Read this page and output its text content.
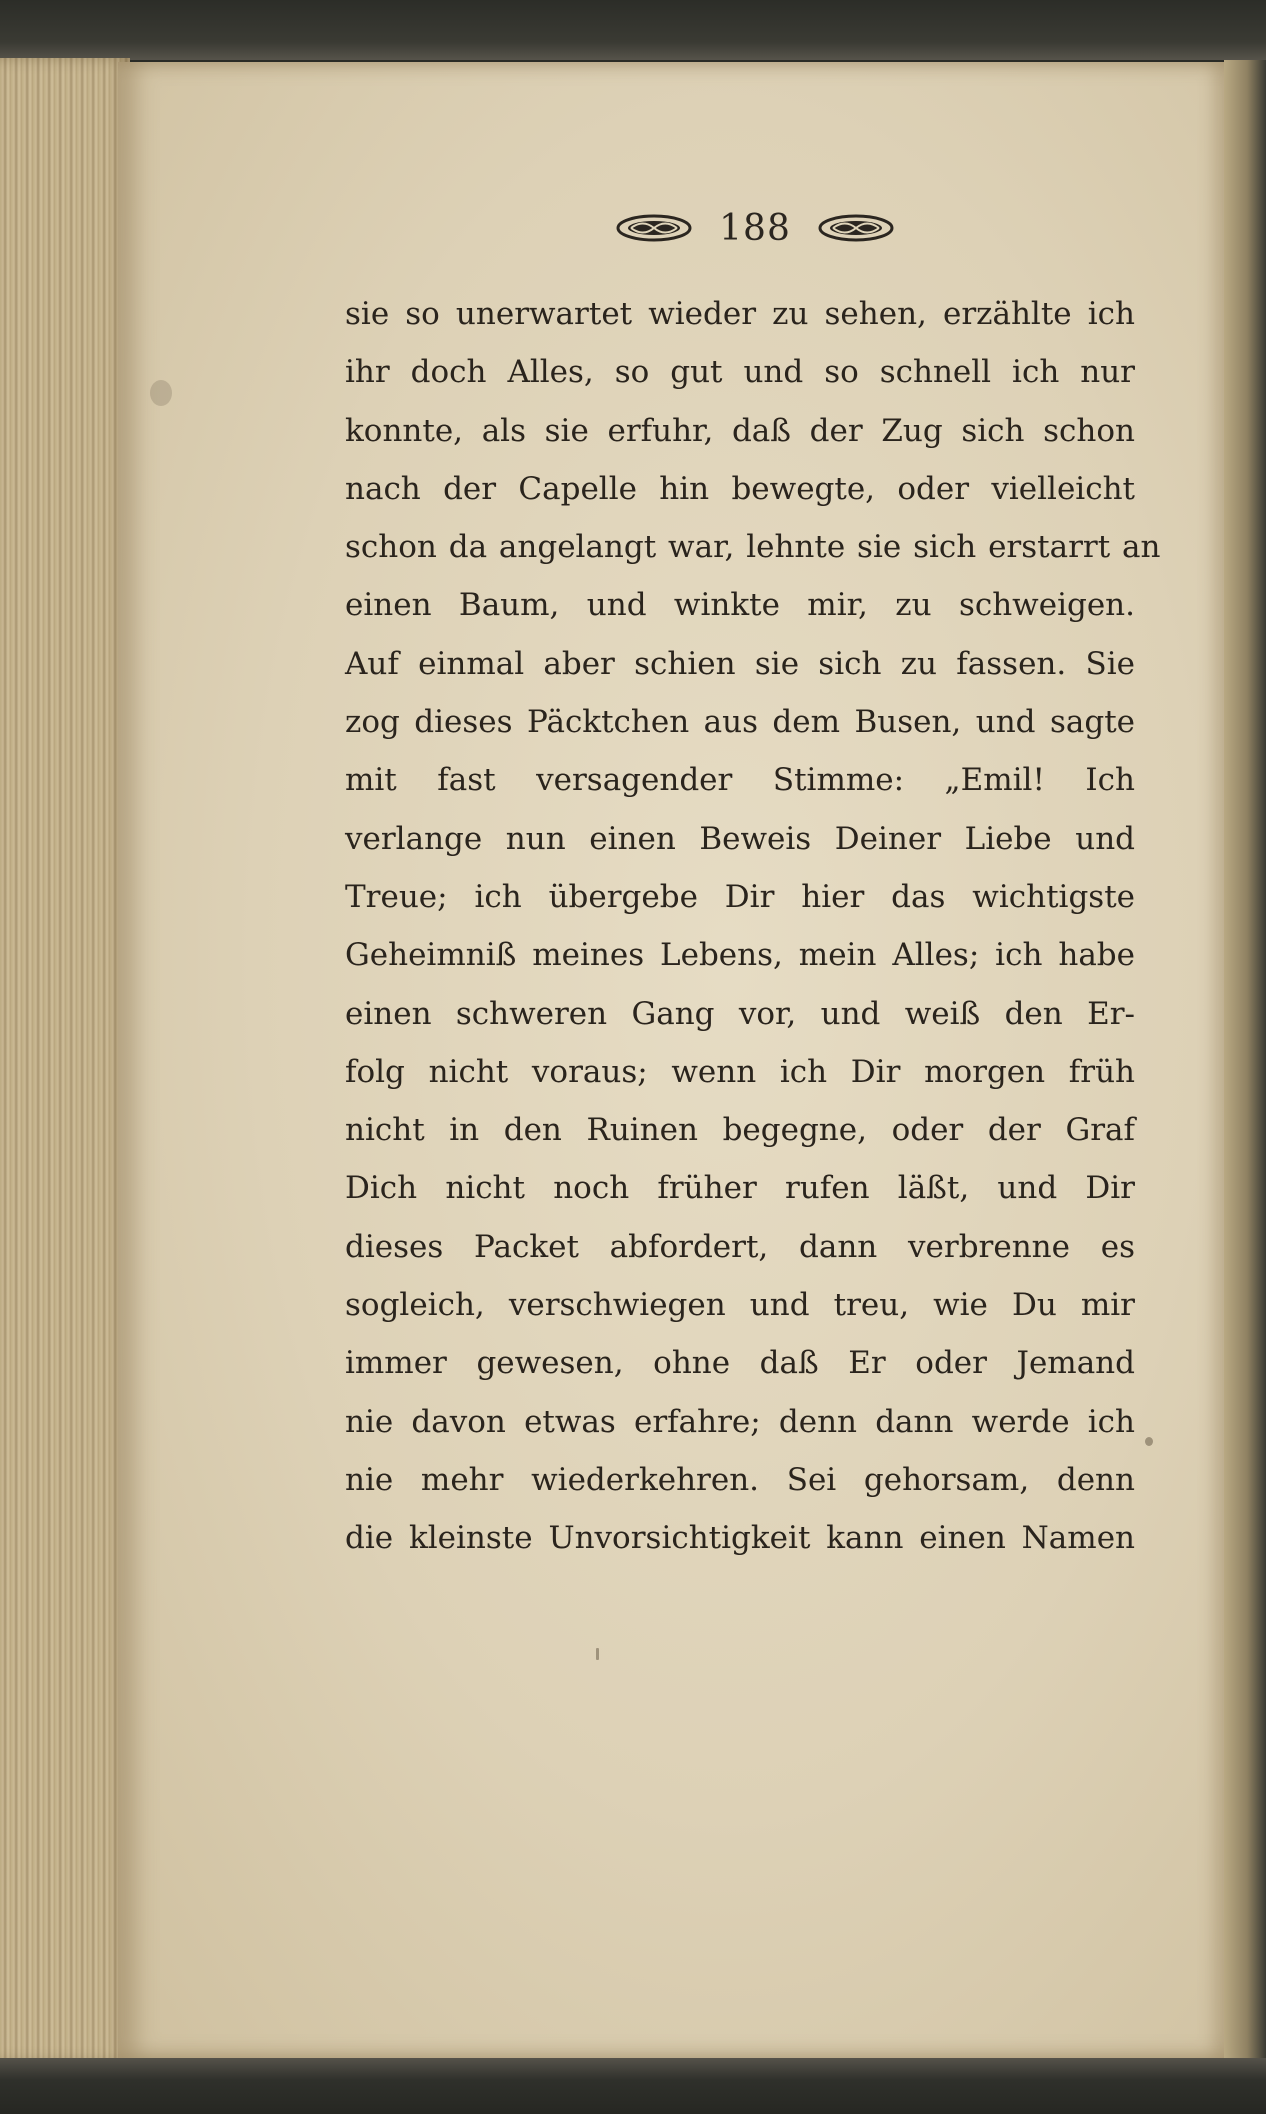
188
sie so unerwartet wieder zu sehen, erzählte ich
ihr doch Alles, so gut und so schnell ich nur
konnte, als sie erfuhr, daß der Zug sich schon
nach der Capelle hin bewegte, oder vielleicht
schon da angelangt war, lehnte sie sich erstarrt an
einen Baum, und winkte mir, zu schweigen.
Auf einmal aber schien sie sich zu fassen. Sie
zog dieses Päcktchen aus dem Busen, und sagte
mit fast versagender Stimme: „Emil! Ich
verlange nun einen Beweis Deiner Liebe und
Treue; ich übergebe Dir hier das wichtigste
Geheimniß meines Lebens, mein Alles; ich habe
einen schweren Gang vor, und weiß den Er-
folg nicht voraus; wenn ich Dir morgen früh
nicht in den Ruinen begegne, oder der Graf
Dich nicht noch früher rufen läßt, und Dir
dieses Packet abfordert, dann verbrenne es
sogleich, verschwiegen und treu, wie Du mir
immer gewesen, ohne daß Er oder Jemand
nie davon etwas erfahre; denn dann werde ich
nie mehr wiederkehren. Sei gehorsam, denn
die kleinste Unvorsichtigkeit kann einen Namen
